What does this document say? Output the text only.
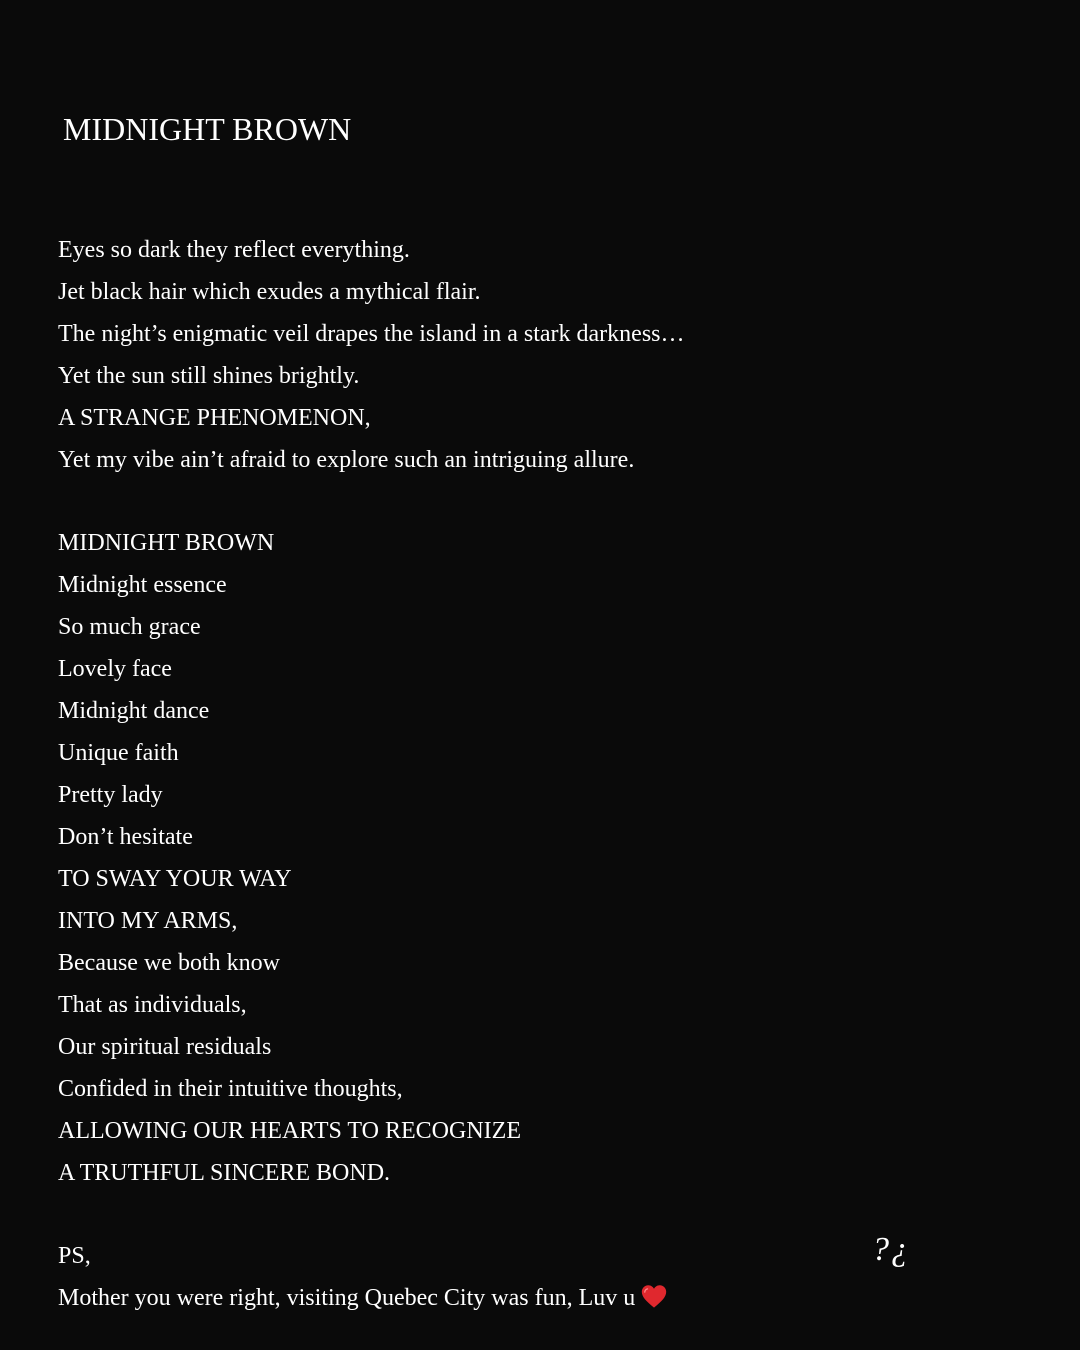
MIDNIGHT BROWN
Eyes so dark they reflect everything.
Jet black hair which exudes a mythical flair.
The night’s enigmatic veil drapes the island in a stark darkness…
Yet the sun still shines brightly.
A STRANGE PHENOMENON,
Yet my vibe ain’t afraid to explore such an intriguing allure.
MIDNIGHT BROWN
Midnight essence
So much grace
Lovely face
Midnight dance
Unique faith
Pretty lady
Don’t hesitate
TO SWAY YOUR WAY
INTO MY ARMS,
Because we both know
That as individuals,
Our spiritual residuals
Confided in their intuitive thoughts,
ALLOWING OUR HEARTS TO RECOGNIZE
A TRUTHFUL SINCERE BOND.
PS,
Mother you were right, visiting Quebec City was fun, Luv u
?¿
